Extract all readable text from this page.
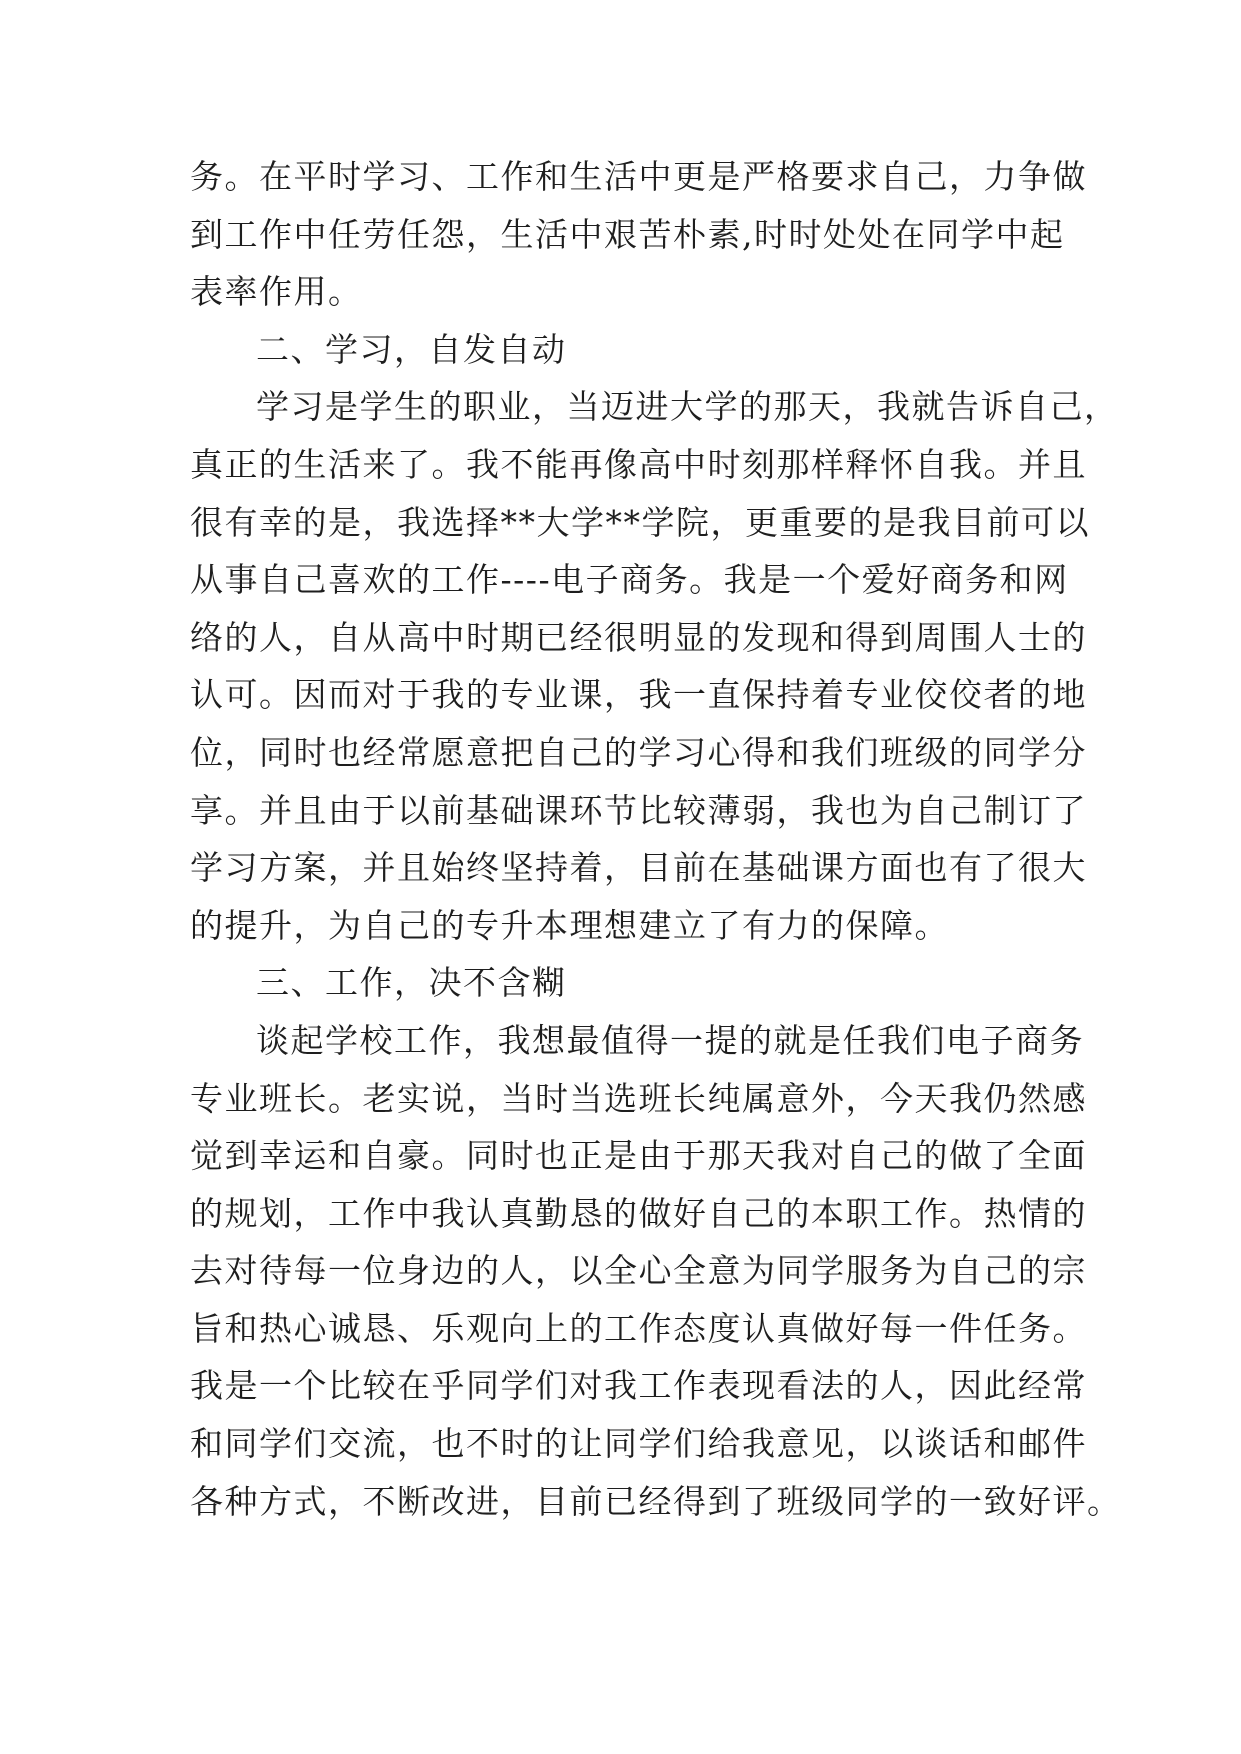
务。在平时学习、工作和生活中更是严格要求自己，力争做
到工作中任劳任怨，生活中艰苦朴素,时时处处在同学中起
表率作用。
二、学习，自发自动
学习是学生的职业，当迈进大学的那天，我就告诉自己，
真正的生活来了。我不能再像高中时刻那样释怀自我。并且
很有幸的是，我选择**大学**学院，更重要的是我目前可以
从事自己喜欢的工作----电子商务。我是一个爱好商务和网
络的人，自从高中时期已经很明显的发现和得到周围人士的
认可。因而对于我的专业课，我一直保持着专业佼佼者的地
位，同时也经常愿意把自己的学习心得和我们班级的同学分
享。并且由于以前基础课环节比较薄弱，我也为自己制订了
学习方案，并且始终坚持着，目前在基础课方面也有了很大
的提升，为自己的专升本理想建立了有力的保障。
三、工作，决不含糊
谈起学校工作，我想最值得一提的就是任我们电子商务
专业班长。老实说，当时当选班长纯属意外，今天我仍然感
觉到幸运和自豪。同时也正是由于那天我对自己的做了全面
的规划，工作中我认真勤恳的做好自己的本职工作。热情的
去对待每一位身边的人，以全心全意为同学服务为自己的宗
旨和热心诚恳、乐观向上的工作态度认真做好每一件任务。
我是一个比较在乎同学们对我工作表现看法的人，因此经常
和同学们交流，也不时的让同学们给我意见，以谈话和邮件
各种方式，不断改进，目前已经得到了班级同学的一致好评。
